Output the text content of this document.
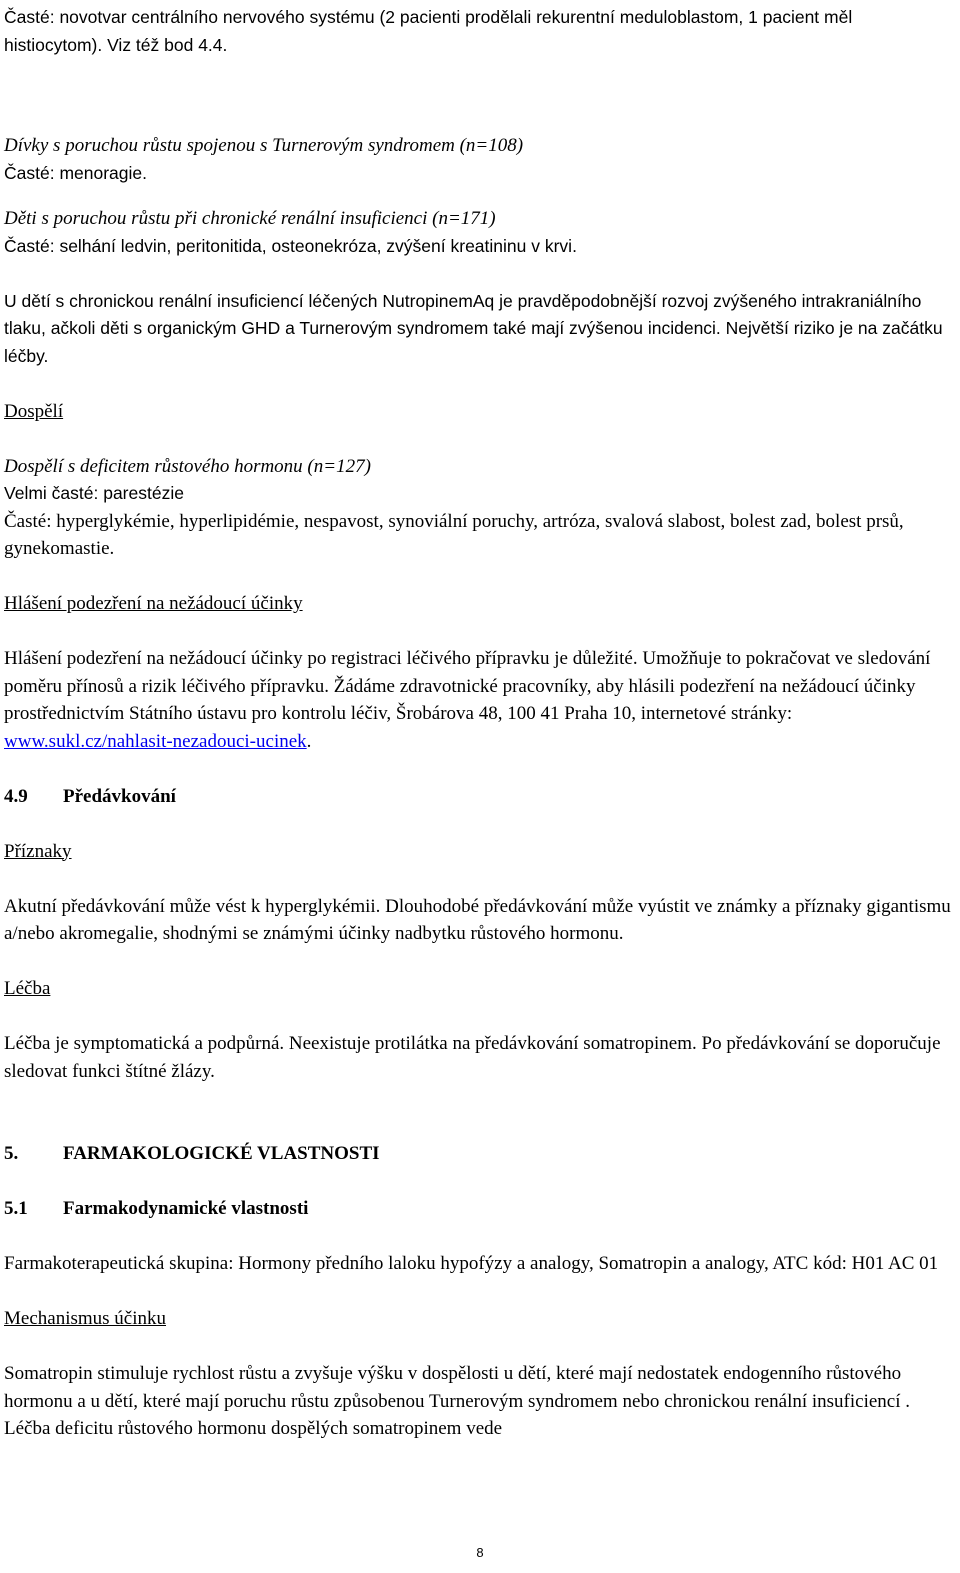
Časté: novotvar centrálního nervového systému (2 pacienti prodělali rekurentní meduloblastom, 1 pacient měl histiocytom). Viz též bod 4.4.

Dívky s poruchou růstu spojenou s Turnerovým syndromem (n=108)

Časté: menoragie.

Děti s poruchou růstu při chronické renální insuficienci (n=171)

Časté: selhání ledvin, peritonitida, osteonekróza, zvýšení kreatininu v krvi.

U dětí s chronickou renální insuficiencí léčených NutropinemAq je pravděpodobnější rozvoj zvýšeného intrakraniálního tlaku, ačkoli děti s organickým GHD a Turnerovým syndromem také mají zvýšenou incidenci. Největší riziko je na začátku léčby.

Dospělí

Dospělí s deficitem růstového hormonu (n=127)

Velmi časté: parestézie

Časté: hyperglykémie, hyperlipidémie, nespavost, synoviální poruchy, artróza, svalová slabost, bolest zad, bolest prsů, gynekomastie.

Hlášení podezření na nežádoucí účinky

Hlášení podezření na nežádoucí účinky po registraci léčivého přípravku je důležité. Umožňuje to pokračovat ve sledování poměru přínosů a rizik léčivého přípravku. Žádáme zdravotnické pracovníky, aby hlásili podezření na nežádoucí účinky prostřednictvím Státního ústavu pro kontrolu léčiv, Šrobárova 48, 100 41 Praha 10, internetové stránky: www.sukl.cz/nahlasit-nezadouci-ucinek.

4.9 Předávkování

Příznaky

Akutní předávkování může vést k hyperglykémii. Dlouhodobé předávkování může vyústit ve známky a příznaky gigantismu a/nebo akromegalie, shodnými se známými účinky nadbytku růstového hormonu.

Léčba

Léčba je symptomatická a podpůrná. Neexistuje protilátka na předávkování somatropinem. Po předávkování se doporučuje sledovat funkci štítné žlázy.

5. FARMAKOLOGICKÉ VLASTNOSTI

5.1 Farmakodynamické vlastnosti

Farmakoterapeutická skupina: Hormony předního laloku hypofýzy a analogy, Somatropin a analogy, ATC kód: H01 AC 01

Mechanismus účinku

Somatropin stimuluje rychlost růstu a zvyšuje výšku v dospělosti u dětí, které mají nedostatek endogenního růstového hormonu a u dětí, které mají poruchu růstu způsobenou Turnerovým syndromem nebo chronickou renální insuficiencí . Léčba deficitu růstového hormonu dospělých somatropinem vede

8
